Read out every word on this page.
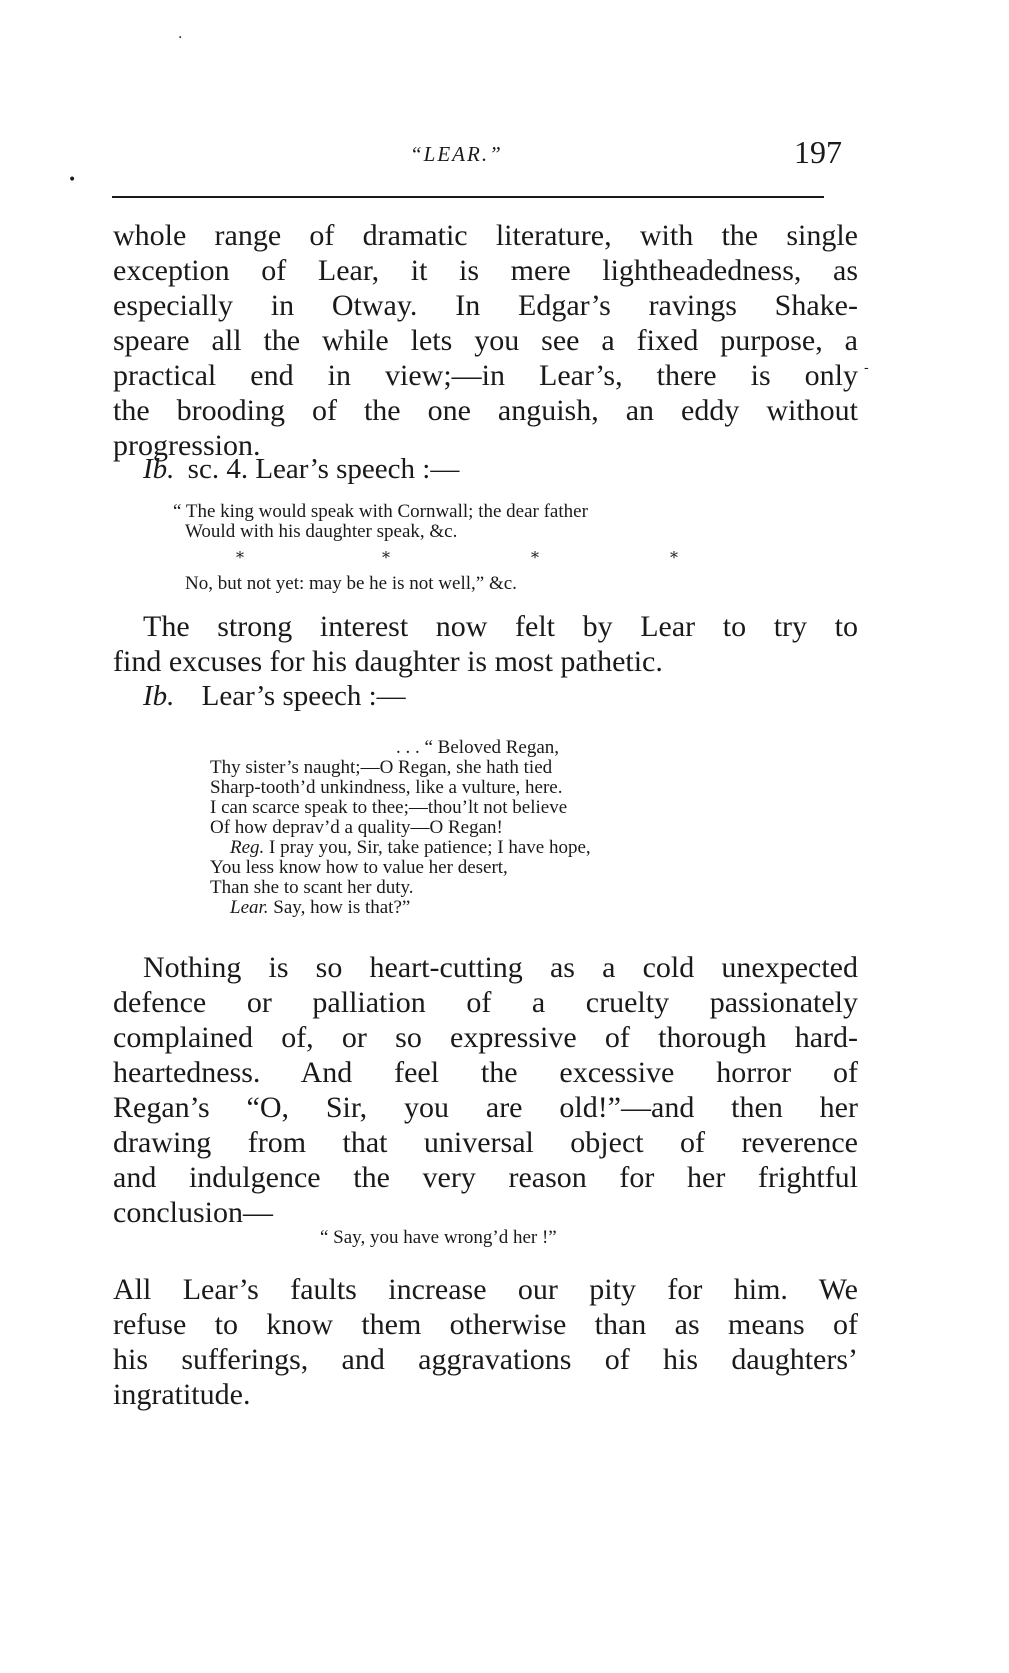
·
•
-
“LEAR.”	197
whole range of dramatic literature, with the single
exception of Lear, it is mere lightheadedness, as
especially in Otway. In Edgar’s ravings Shake-
speare all the while lets you see a fixed purpose, a
practical end in view;—in Lear’s, there is only
the brooding of the one anguish, an eddy without
progression.
Ib. sc. 4. Lear’s speech :—
“ The king would speak with Cornwall; the dear father
Would with his daughter speak, &c.
*	*	*	*
No, but not yet: may be he is not well,” &c.
The strong interest now felt by Lear to try to
find excuses for his daughter is most pathetic.
Ib. Lear’s speech :—
. . . “ Beloved Regan,
Thy sister’s naught;—O Regan, she hath tied
Sharp-tooth’d unkindness, like a vulture, here.
I can scarce speak to thee;—thou’lt not believe
Of how deprav’d a quality—O Regan!
Reg. I pray you, Sir, take patience; I have hope,
You less know how to value her desert,
Than she to scant her duty.
Lear. Say, how is that?”
Nothing is so heart-cutting as a cold unexpected
defence or palliation of a cruelty passionately
complained of, or so expressive of thorough hard-
heartedness. And feel the excessive horror of
Regan’s “O, Sir, you are old!”—and then her
drawing from that universal object of reverence
and indulgence the very reason for her frightful
conclusion—
“ Say, you have wrong’d her !”
All Lear’s faults increase our pity for him. We
refuse to know them otherwise than as means of
his sufferings, and aggravations of his daughters’
ingratitude.
